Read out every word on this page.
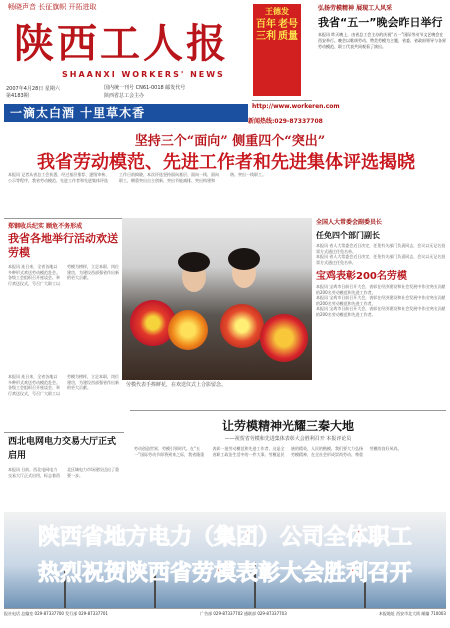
畅晓声音 长征旗帜 开拓进取
陕西工人报
SHAANXI WORKERS' NEWS
2007年4月28日 星期六 第4183期
国内统一刊号 CN61-0018 邮发代号
陕西省总工会主办
王德发
百年 老号
三利 质量
http://www.workeren.com
新闻热线:029-87337708
一滴太白酒 十里草木香
弘扬劳模精神 展现工人风采
我省“五一”晚会昨日举行

本报讯 昨天晚上，由省总工会主办的庆祝“五一”国际劳动节文艺晚会在西安举行。晚会以歌颂劳动、赞美劳模为主题，省委、省政府领导与各界劳动模范、职工代表共同观看了演出。

坚持三个“面向” 侧重四个“突出”
我省劳动模范、先进工作者和先进集体评选揭晓
本报讯 记者从省总工会获悉，经过基层推荐、逐级审核、公示等程序，我省劳动模范、先进工作者和先进集体评选工作日前揭晓。本次评选坚持面向基层、面向一线、面向职工，侧重突出自主创新、突出节能减排、突出构建和谐、突出一线职工。
郑钢收兵纪实 顾危不务形成
我省各地举行活动欢送劳模
本报讯 连日来，全省各地以多种形式欢送劳动模范赴会。各级工会组织召开座谈会、举行欢送仪式，号召广大职工以劳模为榜样，立足本职，岗位建功，为建设西部强省作出新的更大贡献。
本报讯 连日来，全省各地以多种形式欢送劳动模范赴会。各级工会组织召开座谈会、举行欢送仪式，号召广大职工以劳模为榜样，立足本职，岗位建功，为建设西部强省作出新的更大贡献。
西北电网电力交易大厅正式启用
本报讯 日前，西北电网电力交易大厅正式启用，标志着西北区域电力市场建设迈出了重要一步。
劳模代表手捧鲜花，在欢送仪式上合影留念。
全国人大常委会副委员长
任免四个部门副长

本报讯 省人大常委会近日决定，任免有关部门负责同志，会议以无记名投票方式通过任免名单。

本报讯 省人大常委会近日决定，任免有关部门负责同志，会议以无记名投票方式通过任免名单。

宝鸡表彰200名劳模

本报讯 宝鸡市日前召开大会，表彰在经济建设和社会发展中作出突出贡献的200名劳动模范和先进工作者。

本报讯 宝鸡市日前召开大会，表彰在经济建设和社会发展中作出突出贡献的200名劳动模范和先进工作者。

本报讯 宝鸡市日前召开大会，表彰在经济建设和社会发展中作出突出贡献的200名劳动模范和先进工作者。

让劳模精神光耀三秦大地
——祝贺省劳模和先进集体表彰大会胜利召开 本报评论员
劳动创造世界，劳模引领时代。在“五一”国际劳动节即将到来之际，我省隆重表彰一批劳动模范和先进工作者，这是全省职工政治生活中的一件大事。劳模是民族的精英、人民的楷模，我们要大力弘扬劳模精神，在全社会形成崇尚劳动、尊重劳模的良好风尚。
陕西省地方电力（集团）公司全体职工
热烈祝贺陕西省劳模表彰大会胜利召开
报社电话 总编室 029-87337700 发行部 029-87337701	广告部 029-87337702 通联部 029-87337703	本报地址 西安市北大街 邮编 710003
